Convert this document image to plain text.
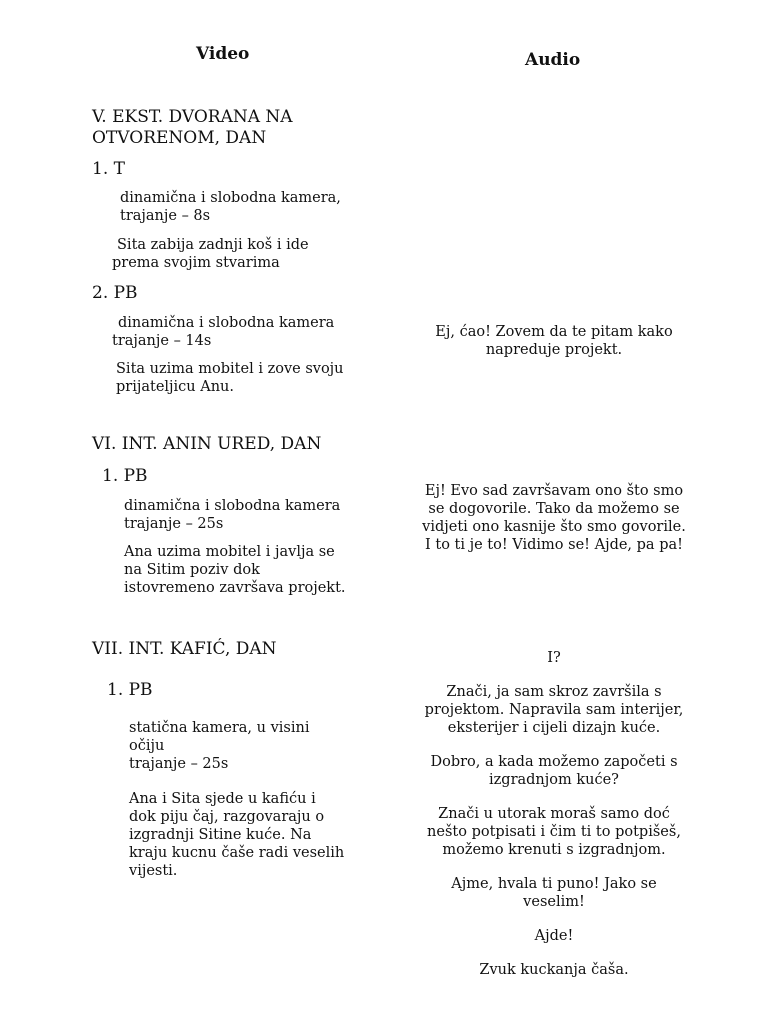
Video	Audio
V. EKST. DVORANA NA
OTVORENOM, DAN
1. T
dinamična i slobodna kamera,
trajanje – 8s
Sita zabija zadnji koš i ide
prema svojim stvarima
2. PB
dinamična i slobodna kamera
trajanje – 14s
Sita uzima mobitel i zove svoju
prijateljicu Anu.
VI. INT. ANIN URED, DAN
1. PB
dinamična i slobodna kamera
trajanje – 25s
Ana uzima mobitel i javlja se
na Sitim poziv dok
istovremeno završava projekt.
VII. INT. KAFIĆ, DAN
1. PB
statična kamera, u visini
očiju
trajanje – 25s
Ana i Sita sjede u kafiću i
dok piju čaj, razgovaraju o
izgradnji Sitine kuće. Na
kraju kucnu čaše radi veselih
vijesti.
Ej, ćao! Zovem da te pitam kako
napreduje projekt.
Ej! Evo sad završavam ono što smo
se dogovorile. Tako da možemo se
vidjeti ono kasnije što smo govorile.
I to ti je to! Vidimo se! Ajde, pa pa!
I?
Znači, ja sam skroz završila s
projektom. Napravila sam interijer,
eksterijer i cijeli dizajn kuće.
Dobro, a kada možemo započeti s
izgradnjom kuće?
Znači u utorak moraš samo doć
nešto potpisati i čim ti to potpišeš,
možemo krenuti s izgradnjom.
Ajme, hvala ti puno! Jako se
veselim!
Ajde!
Zvuk kuckanja čaša.
